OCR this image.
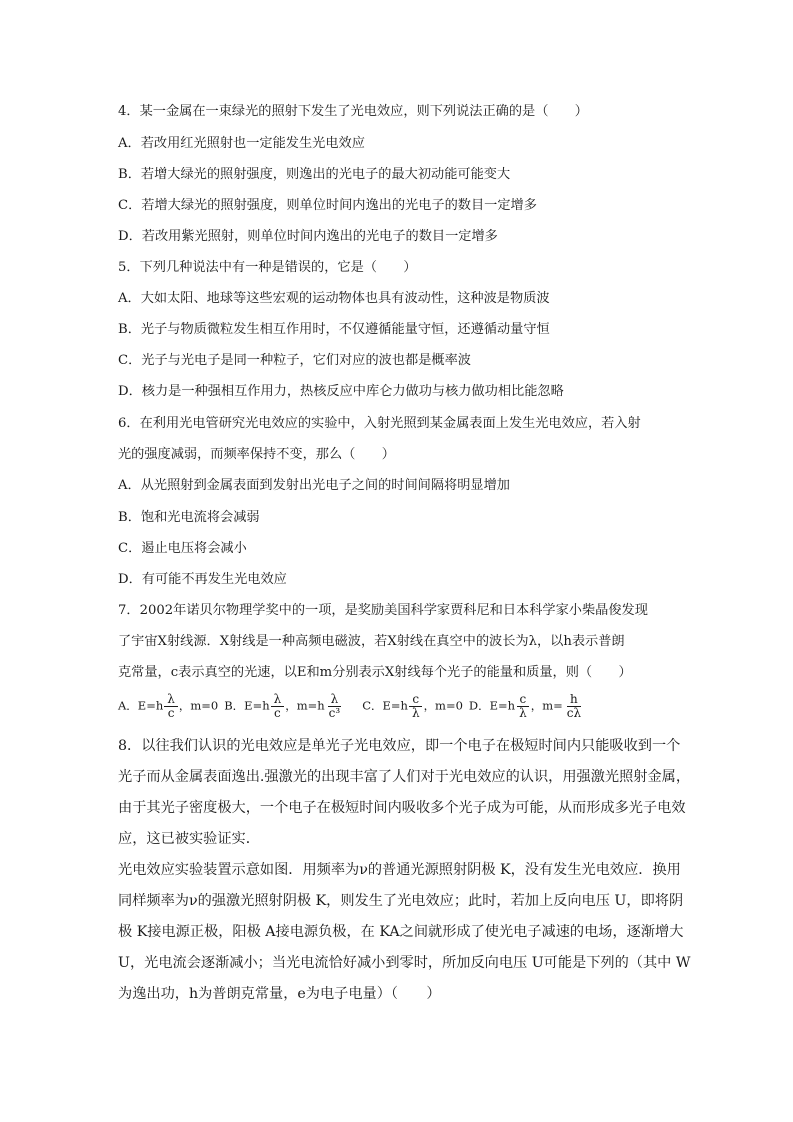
4．某一金属在一束绿光的照射下发生了光电效应，则下列说法正确的是（　　）
A．若改用红光照射也一定能发生光电效应
B．若增大绿光的照射强度，则逸出的光电子的最大初动能可能变大
C．若增大绿光的照射强度，则单位时间内逸出的光电子的数目一定增多
D．若改用紫光照射，则单位时间内逸出的光电子的数目一定增多
5．下列几种说法中有一种是错误的，它是（　　）
A．大如太阳、地球等这些宏观的运动物体也具有波动性，这种波是物质波
B．光子与物质微粒发生相互作用时，不仅遵循能量守恒，还遵循动量守恒
C．光子与光电子是同一种粒子，它们对应的波也都是概率波
D．核力是一种强相互作用力，热核反应中库仑力做功与核力做功相比能忽略
6．在利用光电管研究光电效应的实验中，入射光照到某金属表面上发生光电效应，若入射
光的强度减弱，而频率保持不变，那么（　　）
A．从光照射到金属表面到发射出光电子之间的时间间隔将明显增加
B．饱和光电流将会减弱
C．遏止电压将会减小
D．有可能不再发生光电效应
7．2002年诺贝尔物理学奖中的一项，是奖励美国科学家贾科尼和日本科学家小柴晶俊发现
了宇宙X射线源．X射线是一种高频电磁波，若X射线在真空中的波长为λ，以h表示普朗
克常量，c表示真空的光速，以E和m分别表示X射线每个光子的能量和质量，则（　　）
A．$E=h \frac{\lambda}{c}$ ，m=0 B．$E=h \frac{\lambda}{c}$ ，$m=h \frac{\lambda}{\text{c³}}$ C．$E=h \frac{c}{\lambda}$ ，m=0 D．$E=h \frac{c}{\lambda}$ ，$m= \frac{h}{c\lambda}$
8．以往我们认识的光电效应是单光子光电效应，即一个电子在极短时间内只能吸收到一个
光子而从金属表面逸出.强激光的出现丰富了人们对于光电效应的认识，用强激光照射金属，
由于其光子密度极大，一个电子在极短时间内吸收多个光子成为可能，从而形成多光子电效
应，这已被实验证实．
光电效应实验装置示意如图．用频率为ν的普通光源照射阴极 K，没有发生光电效应．换用
同样频率为ν的强激光照射阴极 K，则发生了光电效应；此时，若加上反向电压 U，即将阴
极 K接电源正极，阳极 A接电源负极，在 KA之间就形成了使光电子减速的电场，逐渐增大
U，光电流会逐渐减小；当光电流恰好减小到零时，所加反向电压 U可能是下列的（其中 W
为逸出功，h为普朗克常量，e为电子电量）（　　）
